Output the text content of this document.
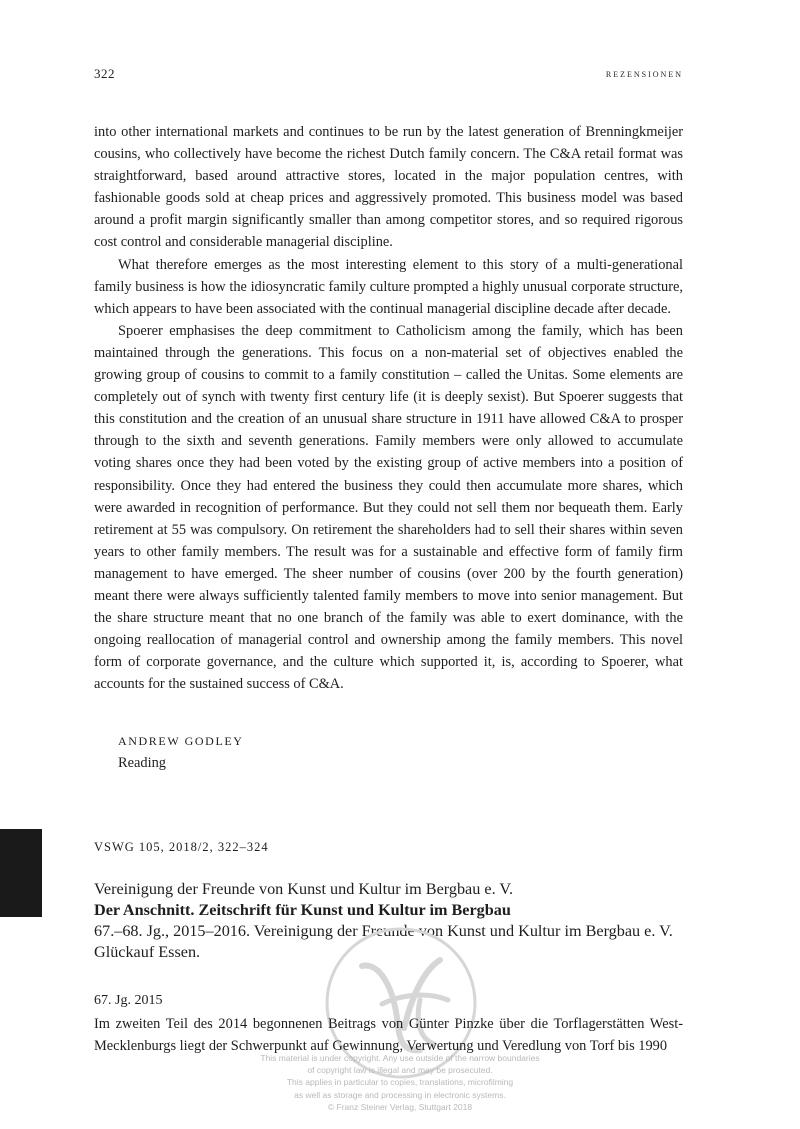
322	rezensionen

into other international markets and continues to be run by the latest generation of Brenningkmeijer cousins, who collectively have become the richest Dutch family concern. The C&A retail format was straightforward, based around attractive stores, located in the major population centres, with fashionable goods sold at cheap prices and aggressively promoted. This business model was based around a profit margin significantly smaller than among competitor stores, and so required rigorous cost control and considerable managerial discipline.

What therefore emerges as the most interesting element to this story of a multi-generational family business is how the idiosyncratic family culture prompted a highly unusual corporate structure, which appears to have been associated with the continual managerial discipline decade after decade.

Spoerer emphasises the deep commitment to Catholicism among the family, which has been maintained through the generations. This focus on a non-material set of objectives enabled the growing group of cousins to commit to a family constitution – called the Unitas. Some elements are completely out of synch with twenty first century life (it is deeply sexist). But Spoerer suggests that this constitution and the creation of an unusual share structure in 1911 have allowed C&A to prosper through to the sixth and seventh generations. Family members were only allowed to accumulate voting shares once they had been voted by the existing group of active members into a position of responsibility. Once they had entered the business they could then accumulate more shares, which were awarded in recognition of performance. But they could not sell them nor bequeath them. Early retirement at 55 was compulsory. On retirement the shareholders had to sell their shares within seven years to other family members. The result was for a sustainable and effective form of family firm management to have emerged. The sheer number of cousins (over 200 by the fourth generation) meant there were always sufficiently talented family members to move into senior management. But the share structure meant that no one branch of the family was able to exert dominance, with the ongoing reallocation of managerial control and ownership among the family members. This novel form of corporate governance, and the culture which supported it, is, according to Spoerer, what accounts for the sustained success of C&A.

ANDREW GODLEY
Reading
VSWG 105, 2018/2, 322–324
Vereinigung der Freunde von Kunst und Kultur im Bergbau e. V.
Der Anschnitt. Zeitschrift für Kunst und Kultur im Bergbau
67.–68. Jg., 2015–2016. Vereinigung der Freunde von Kunst und Kultur im Bergbau e. V.
Glückauf Essen.
67. Jg. 2015
Im zweiten Teil des 2014 begonnenen Beitrags von Günter Pinzke über die Torflagerstätten West-Mecklenburgs liegt der Schwerpunkt auf Gewinnung, Verwertung und Veredlung von Torf bis 1990
This material is under copyright. Any use outside of the narrow boundaries
of copyright law is illegal and may be prosecuted.
This applies in particular to copies, translations, microfilming
as well as storage and processing in electronic systems.
© Franz Steiner Verlag, Stuttgart 2018
